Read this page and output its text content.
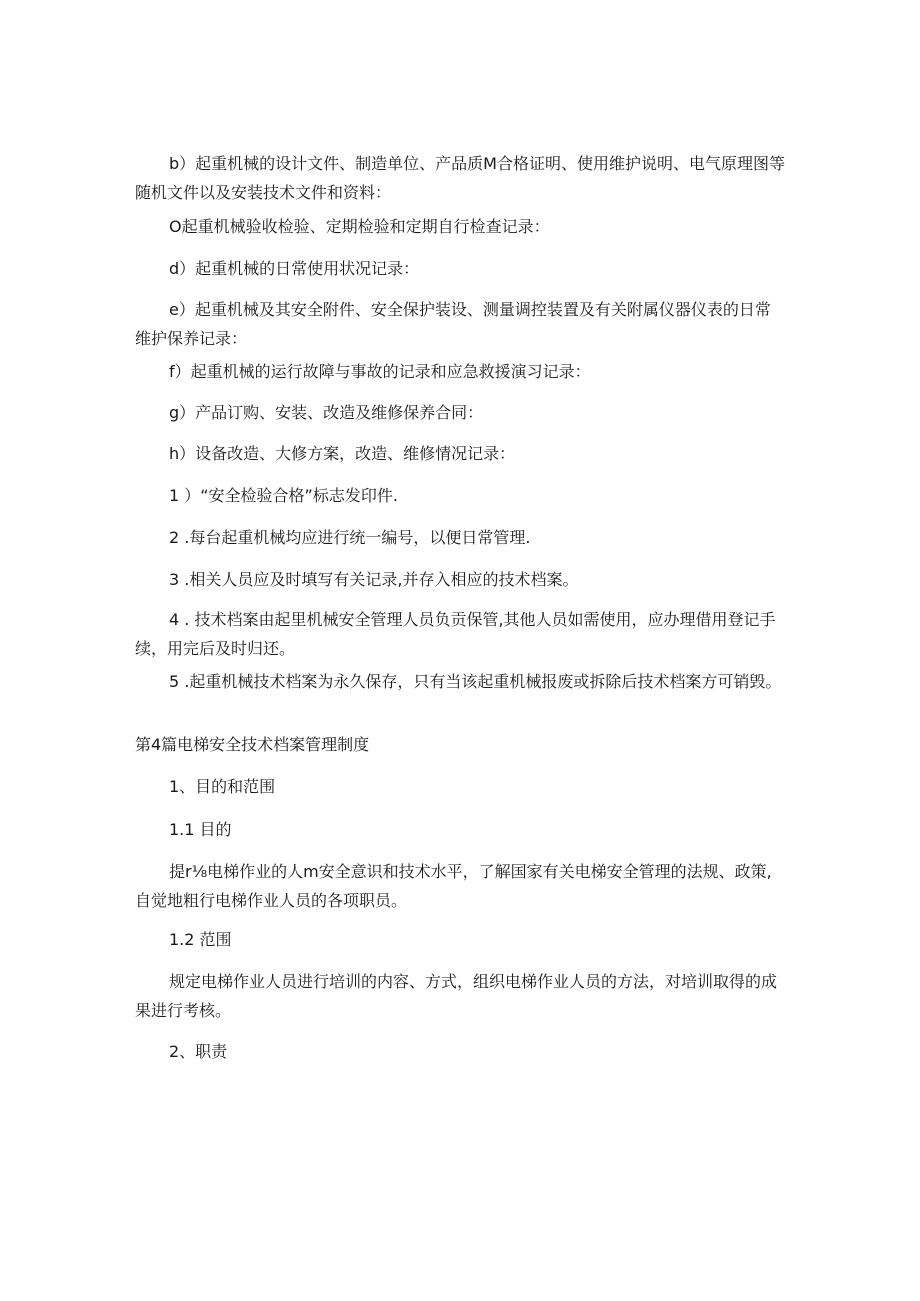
b）起重机械的设计文件、制造单位、产品质M合格证明、使用维护说明、电气原理图等随机文件以及安装技术文件和资料：

O起重机械验收检验、定期检验和定期自行检查记录：

d）起重机械的日常使用状况记录：

e）起重机械及其安全附件、安全保护装设、测量调控装置及有关附属仪器仪表的日常维护保养记录：

f）起重机械的运行故障与事故的记录和应急救援演习记录：

g）产品订购、安装、改造及维修保养合同：

h）设备改造、大修方案，改造、维修情况记录：

1 ）“安全检验合格”标志发印件.

2 .每台起重机械均应进行统一编号，以便日常管理.

3 .相关人员应及时填写有关记录,并存入相应的技术档案。

4 . 技术档案由起里机械安全管理人员负贡保管,其他人员如需使用，应办理借用登记手续，用完后及时归还。

5 .起重机械技术档案为永久保存，只有当该起重机械报废或拆除后技术档案方可销毁。

第4篇电梯安全技术档案管理制度

1、目的和范围

1.1 目的

提r⅛电梯作业的人m安全意识和技术水平，了解国家有关电梯安全管理的法规、政策,自觉地粗行电梯作业人员的各项职员。

1.2 范围

规定电梯作业人员进行培训的内容、方式，组织电梯作业人员的方法，对培训取得的成果进行考核。

2、职责
